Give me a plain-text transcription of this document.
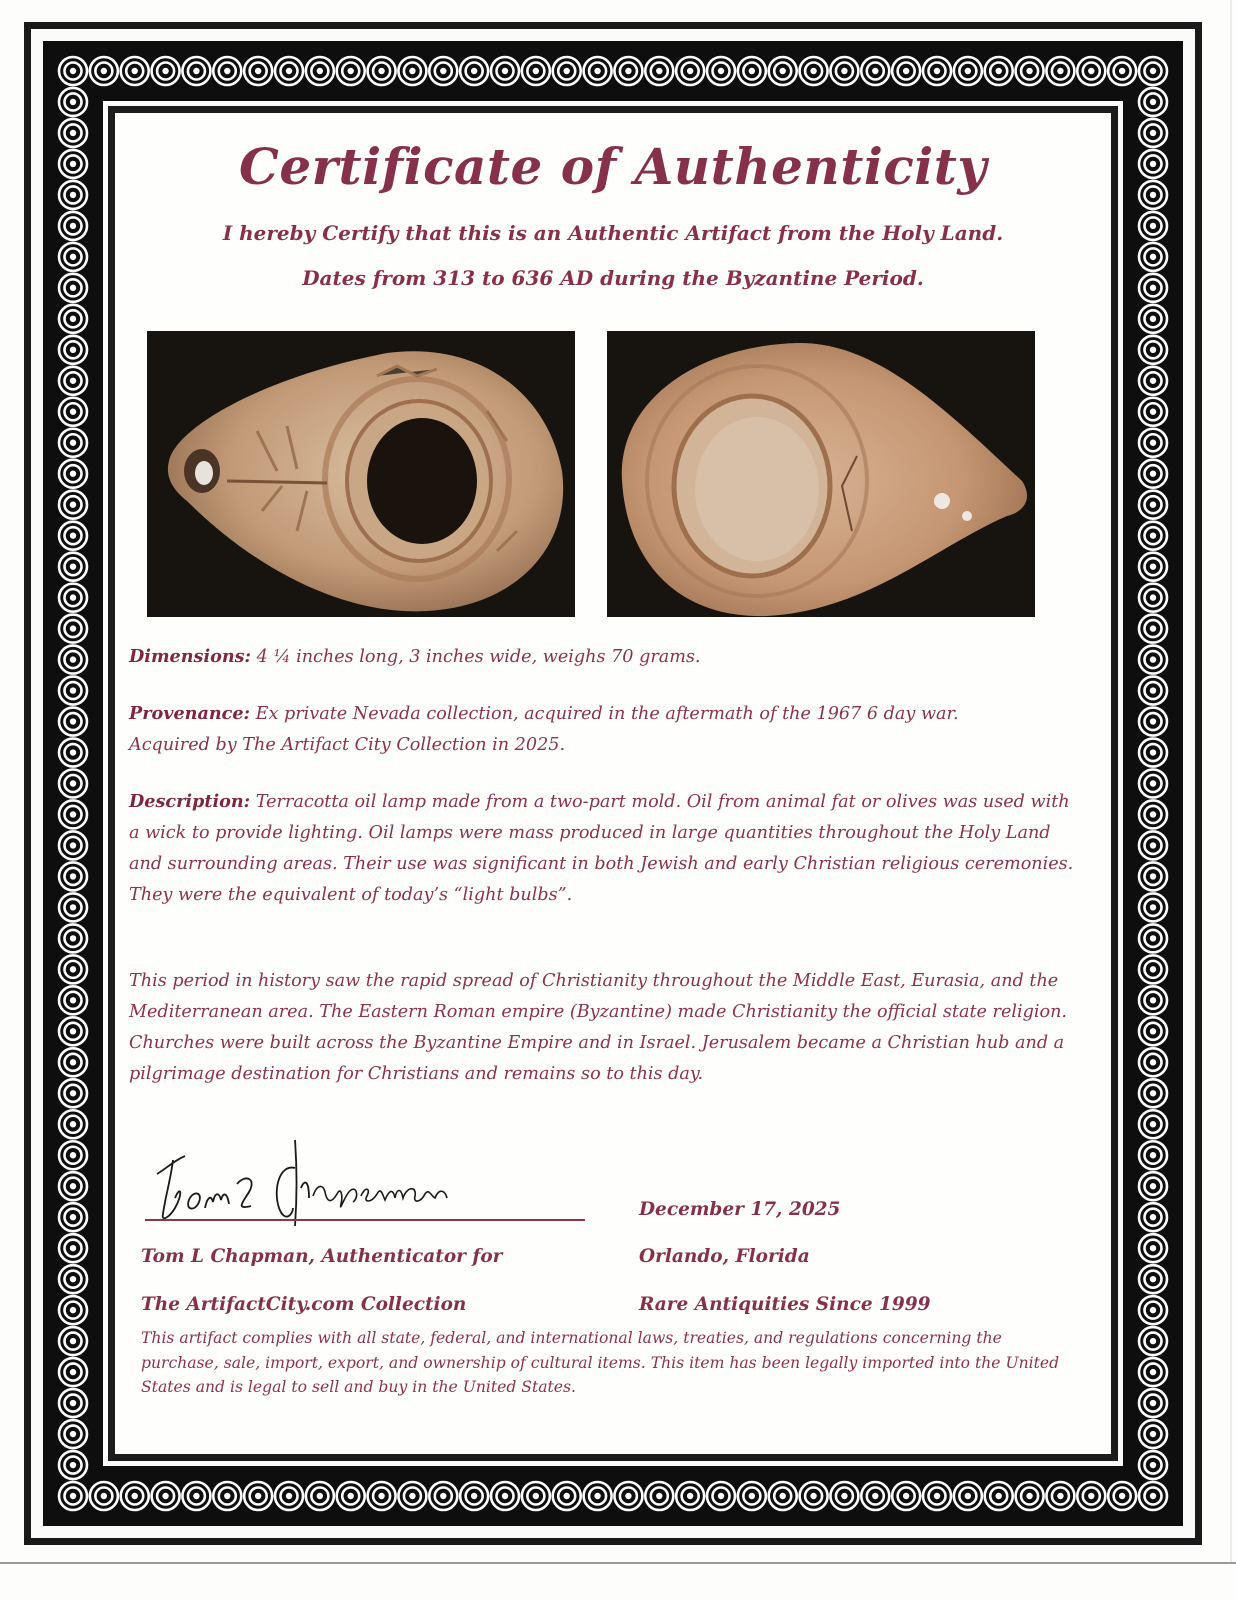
Certificate of Authenticity
I hereby Certify that this is an Authentic Artifact from the Holy Land.
Dates from 313 to 636 AD during the Byzantine Period.
Dimensions: 4 ¼ inches long, 3 inches wide, weighs 70 grams.
Provenance: Ex private Nevada collection, acquired in the aftermath of the 1967 6 day war. Acquired by The Artifact City Collection in 2025.
Description: Terracotta oil lamp made from a two-part mold. Oil from animal fat or olives was used with a wick to provide lighting. Oil lamps were mass produced in large quantities throughout the Holy Land and surrounding areas. Their use was significant in both Jewish and early Christian religious ceremonies. They were the equivalent of today’s “light bulbs”.
This period in history saw the rapid spread of Christianity throughout the Middle East, Eurasia, and the Mediterranean area. The Eastern Roman empire (Byzantine) made Christianity the official state religion. Churches were built across the Byzantine Empire and in Israel. Jerusalem became a Christian hub and a pilgrimage destination for Christians and remains so to this day.
Tom L Chapman, Authenticator for
The ArtifactCity.com Collection
December 17, 2025
Orlando, Florida
Rare Antiquities Since 1999
This artifact complies with all state, federal, and international laws, treaties, and regulations concerning the purchase, sale, import, export, and ownership of cultural items. This item has been legally imported into the United States and is legal to sell and buy in the United States.
